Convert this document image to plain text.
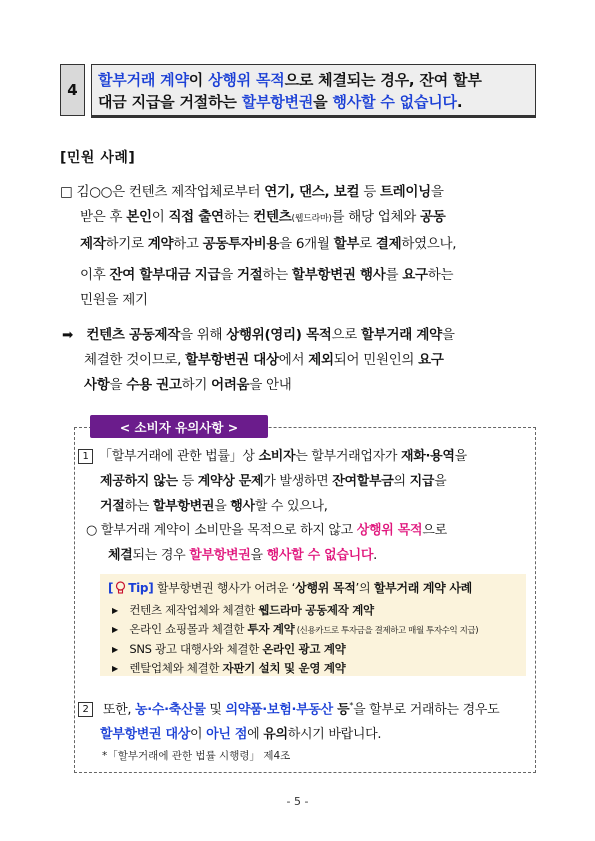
4
할부거래 계약이 상행위 목적으로 체결되는 경우, 잔여 할부
대금 지급을 거절하는 할부항변권을 행사할 수 없습니다.
[민원 사례]
□ 김○○은 컨텐츠 제작업체로부터 연기, 댄스, 보컬 등 트레이닝을
받은 후 본인이 직접 출연하는 컨텐츠(웹드라마)를 해당 업체와 공동
제작하기로 계약하고 공동투자비용을 6개월 할부로 결제하였으나,
이후 잔여 할부대금 지급을 거절하는 할부항변권 행사를 요구하는
민원을 제기
➡ 컨텐츠 공동제작을 위해 상행위(영리) 목적으로 할부거래 계약을
체결한 것이므로, 할부항변권 대상에서 제외되어 민원인의 요구
사항을 수용 권고하기 어려움을 안내
< 소비자 유의사항 >
1 「할부거래에 관한 법률」상 소비자는 할부거래업자가 재화·용역을
제공하지 않는 등 계약상 문제가 발생하면 잔여할부금의 지급을
거절하는 할부항변권을 행사할 수 있으나,
○ 할부거래 계약이 소비만을 목적으로 하지 않고 상행위 목적으로
체결되는 경우 할부항변권을 행사할 수 없습니다.
[ Tip] 할부항변권 행사가 어려운 ‘상행위 목적’의 할부거래 계약 사례
▶ 컨텐츠 제작업체와 체결한 웹드라마 공동제작 계약
▶ 온라인 쇼핑몰과 체결한 투자 계약 (신용카드로 투자금을 결제하고 매월 투자수익 지급)
▶ SNS 광고 대행사와 체결한 온라인 광고 계약
▶ 렌탈업체와 체결한 자판기 설치 및 운영 계약
2 또한, 농·수·축산물 및 의약품·보험·부동산 등*을 할부로 거래하는 경우도
할부항변권 대상이 아닌 점에 유의하시기 바랍니다.
*「할부거래에 관한 법률 시행령」 제4조
- 5 -
